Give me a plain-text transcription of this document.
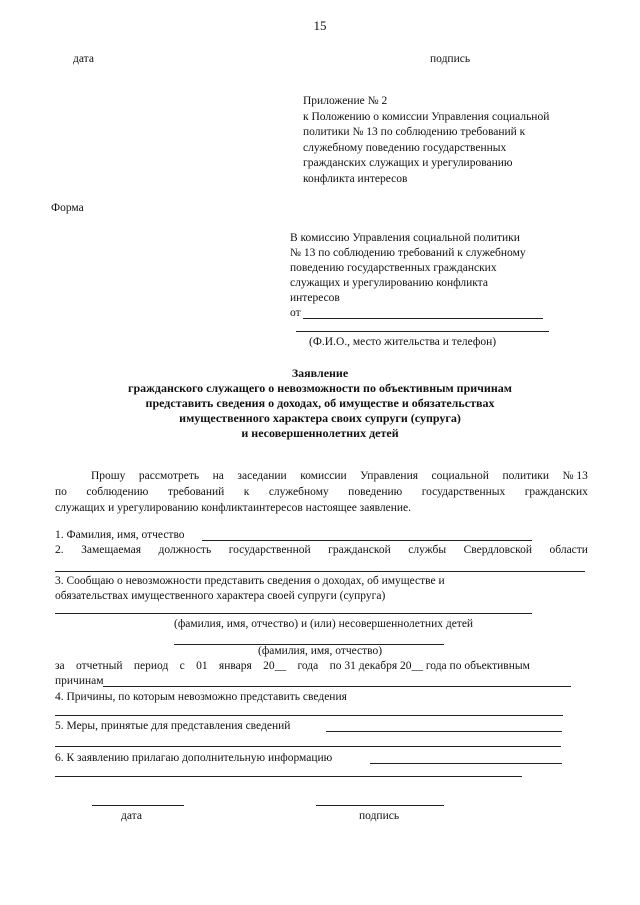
15
дата	подпись
Приложение № 2
к Положению о комиссии Управления социальной
политики № 13 по соблюдению требований к
служебному поведению государственных
гражданских служащих и урегулированию
конфликта интересов
Форма
В комиссию Управления социальной политики
№ 13 по соблюдению требований к служебному
поведению государственных гражданских
служащих и урегулированию конфликта
интересов
от
(Ф.И.О., место жительства и телефон)
Заявление
гражданского служащего о невозможности по объективным причинам
представить сведения о доходах, об имуществе и обязательствах
имущественного характера своих супруги (супруга)
и несовершеннолетних детей
Прошу рассмотреть на заседании комиссии Управления социальной политики № 13
по соблюдению требований к служебному поведению государственных гражданских
служащих и урегулированию конфликтаинтересов настоящее заявление.
1. Фамилия, имя, отчество
2. Замещаемая должность государственной гражданской службы Свердловской области
3. Сообщаю о невозможности представить сведения о доходах, об имуществе и
обязательствах имущественного характера своей супруги (супруга)
(фамилия, имя, отчество) и (или) несовершеннолетних детей
(фамилия, имя, отчество)
за отчетный период с 01 января 20__ года по 31 декабря 20__ года по объективным
причинам
4. Причины, по которым невозможно представить сведения
5. Меры, принятые для представления сведений
6. К заявлению прилагаю дополнительную информацию
дата	подпись
